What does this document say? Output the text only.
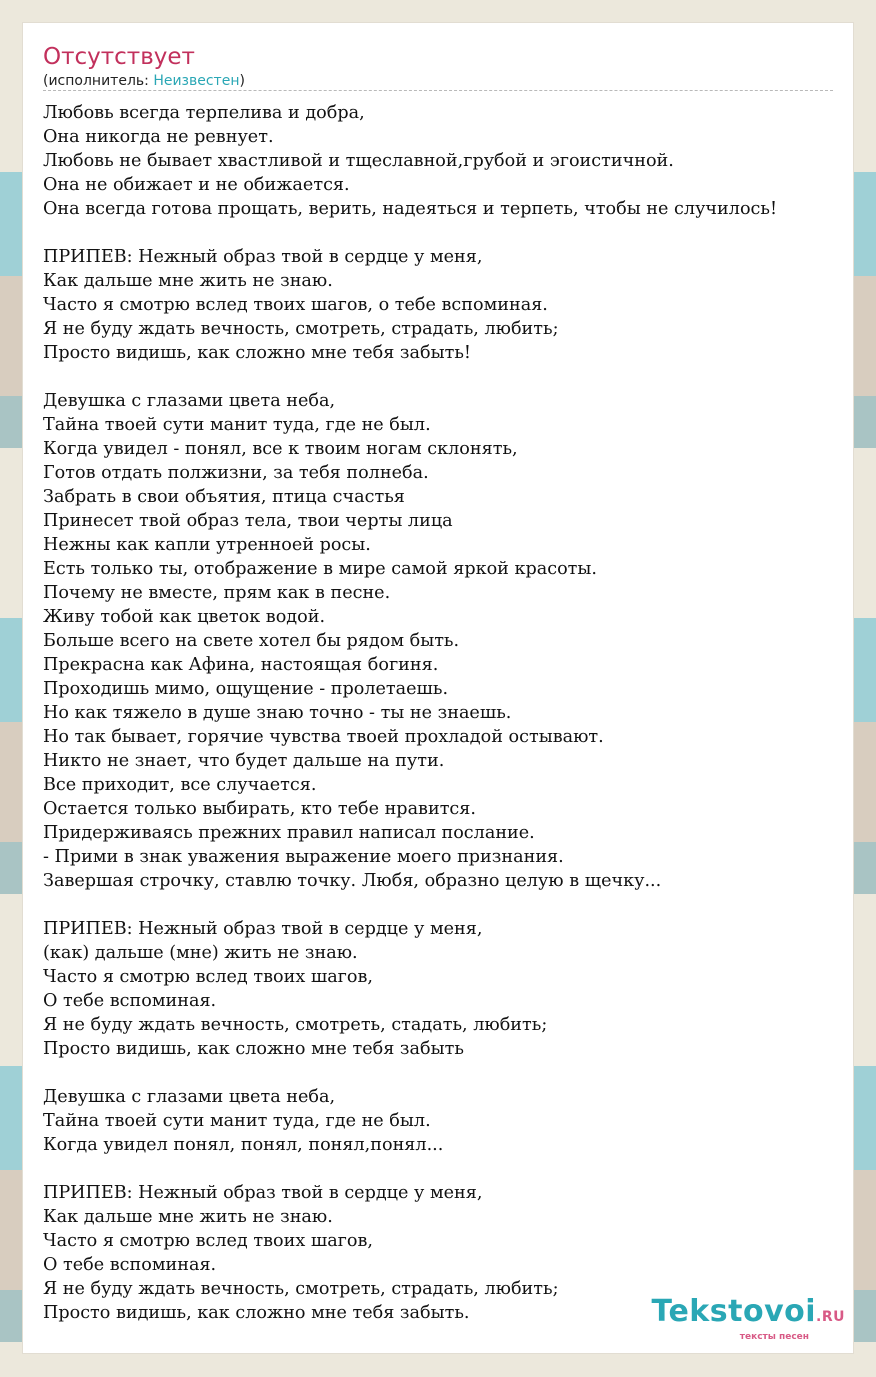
Отсутствует
(исполнитель: Неизвестен)
Любовь всегда терпелива и добра,
Она никогда не ревнует.
Любовь не бывает хвастливой и тщеславной,грубой и эгоистичной.
Она не обижает и не обижается.
Она всегда готова прощать, верить, надеяться и терпеть, чтобы не случилось!

ПРИПЕВ: Нежный образ твой в сердце у меня,
Как дальше мне жить не знаю.
Часто я смотрю вслед твоих шагов, о тебе вспоминая.
Я не буду ждать вечность, смотреть, страдать, любить;
Просто видишь, как сложно мне тебя забыть!

Девушка с глазами цвета неба,
Тайна твоей сути манит туда, где не был.
Когда увидел - понял, все к твоим ногам склонять,
Готов отдать полжизни, за тебя полнеба.
Забрать в свои объятия, птица счастья
Принесет твой образ тела, твои черты лица
Нежны как капли утренноей росы.
Есть только ты, отображение в мире самой яркой красоты.
Почему не вместе, прям как в песне.
Живу тобой как цветок водой.
Больше всего на свете хотел бы рядом быть.
Прекрасна как Афина, настоящая богиня.
Проходишь мимо, ощущение - пролетаешь.
Но как тяжело в душе знаю точно - ты не знаешь.
Но так бывает, горячие чувства твоей прохладой остывают.
Никто не знает, что будет дальше на пути.
Все приходит, все случается.
Остается только выбирать, кто тебе нравится.
Придерживаясь прежних правил написал послание.
- Прими в знак уважения выражение моего признания.
Завершая строчку, ставлю точку. Любя, образно целую в щечку...

ПРИПЕВ: Нежный образ твой в сердце у меня,
(как) дальше (мне) жить не знаю.
Часто я смотрю вслед твоих шагов,
О тебе вспоминая.
Я не буду ждать вечность, смотреть, стадать, любить;
Просто видишь, как сложно мне тебя забыть

Девушка с глазами цвета неба,
Тайна твоей сути манит туда, где не был.
Когда увидел понял, понял, понял,понял...

ПРИПЕВ: Нежный образ твой в сердце у меня,
Как дальше мне жить не знаю.
Часто я смотрю вслед твоих шагов,
О тебе вспоминая.
Я не буду ждать вечность, смотреть, страдать, любить;
Просто видишь, как сложно мне тебя забыть.	Tekstovoi.RU
тексты песен
